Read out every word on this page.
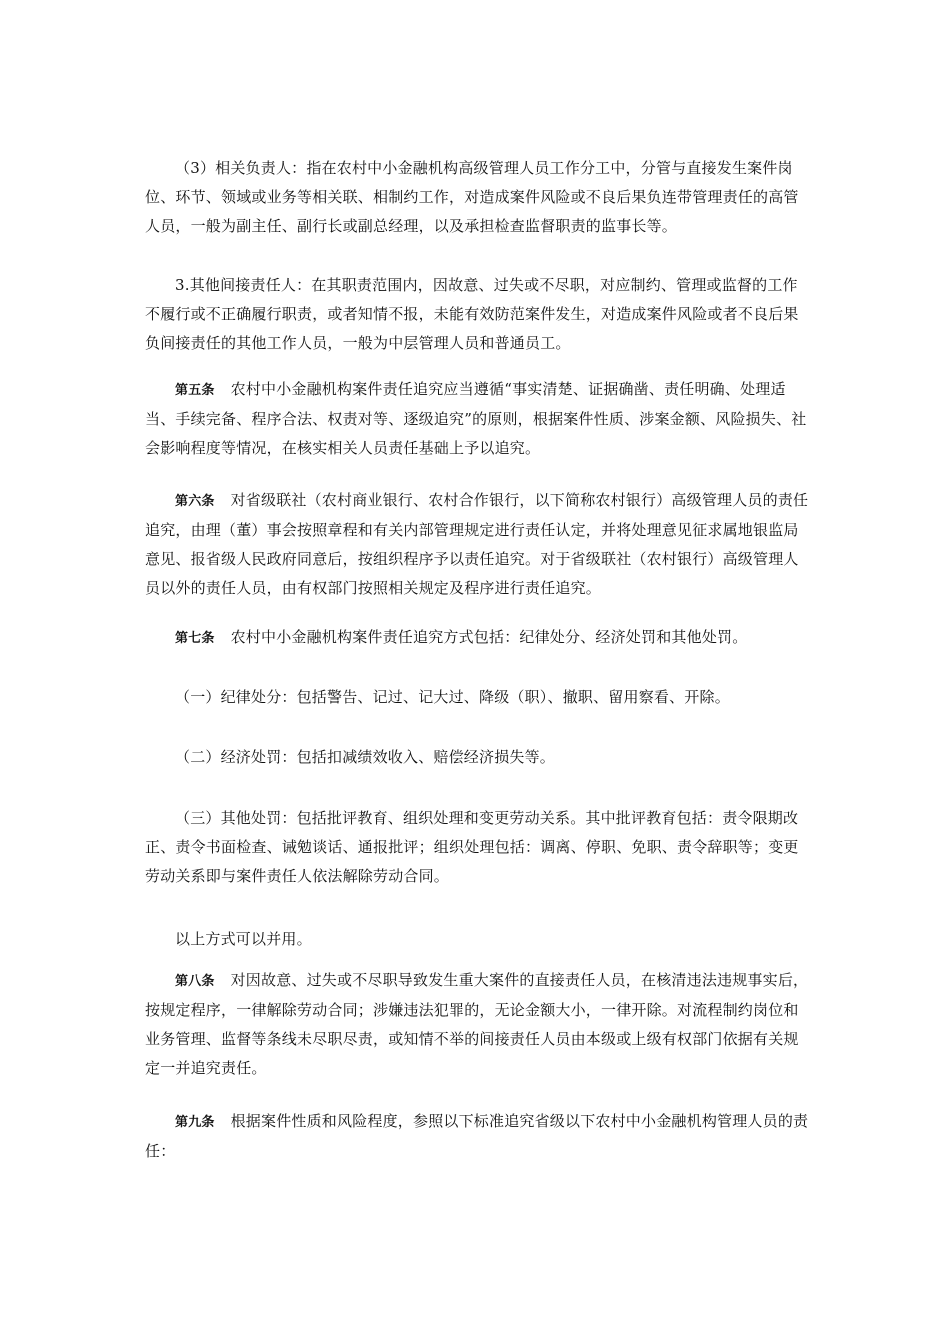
（3）相关负责人：指在农村中小金融机构高级管理人员工作分工中，分管与直接发生案件岗位、环节、领域或业务等相关联、相制约工作，对造成案件风险或不良后果负连带管理责任的高管人员，一般为副主任、副行长或副总经理，以及承担检查监督职责的监事长等。

3.其他间接责任人：在其职责范围内，因故意、过失或不尽职，对应制约、管理或监督的工作不履行或不正确履行职责，或者知情不报，未能有效防范案件发生，对造成案件风险或者不良后果负间接责任的其他工作人员，一般为中层管理人员和普通员工。

第五条 农村中小金融机构案件责任追究应当遵循“事实清楚、证据确凿、责任明确、处理适当、手续完备、程序合法、权责对等、逐级追究”的原则，根据案件性质、涉案金额、风险损失、社会影响程度等情况，在核实相关人员责任基础上予以追究。

第六条 对省级联社（农村商业银行、农村合作银行，以下简称农村银行）高级管理人员的责任追究，由理（董）事会按照章程和有关内部管理规定进行责任认定，并将处理意见征求属地银监局意见、报省级人民政府同意后，按组织程序予以责任追究。对于省级联社（农村银行）高级管理人员以外的责任人员，由有权部门按照相关规定及程序进行责任追究。

第七条 农村中小金融机构案件责任追究方式包括：纪律处分、经济处罚和其他处罚。

（一）纪律处分：包括警告、记过、记大过、降级（职）、撤职、留用察看、开除。

（二）经济处罚：包括扣减绩效收入、赔偿经济损失等。

（三）其他处罚：包括批评教育、组织处理和变更劳动关系。其中批评教育包括：责令限期改正、责令书面检查、诫勉谈话、通报批评；组织处理包括：调离、停职、免职、责令辞职等；变更劳动关系即与案件责任人依法解除劳动合同。

以上方式可以并用。

第八条 对因故意、过失或不尽职导致发生重大案件的直接责任人员，在核清违法违规事实后，按规定程序，一律解除劳动合同；涉嫌违法犯罪的，无论金额大小，一律开除。对流程制约岗位和业务管理、监督等条线未尽职尽责，或知情不举的间接责任人员由本级或上级有权部门依据有关规定一并追究责任。

第九条 根据案件性质和风险程度，参照以下标准追究省级以下农村中小金融机构管理人员的责任：
